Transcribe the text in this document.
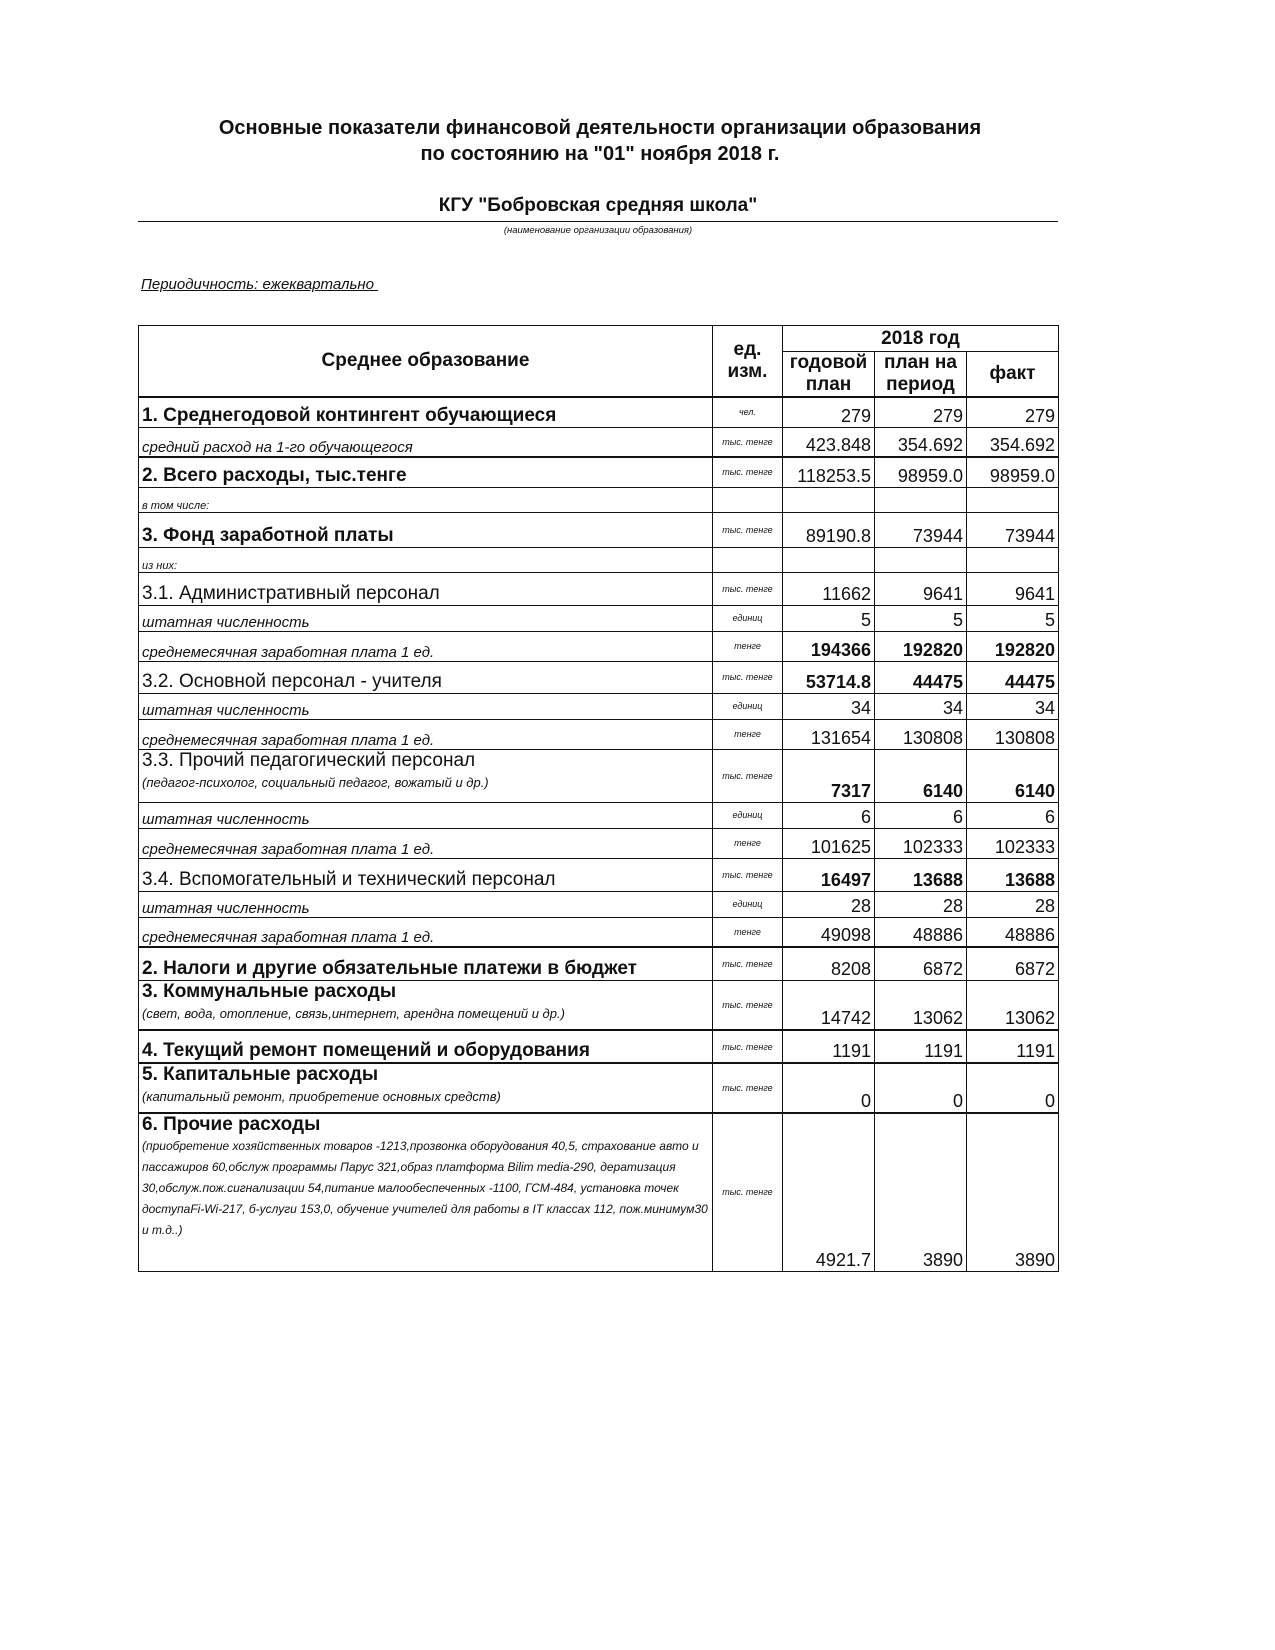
Основные показатели финансовой деятельности организации образования
по состоянию на "01" ноября 2018 г.
КГУ "Бобровская средняя школа"
(наименование организации образования)
Периодичность: ежеквартально
Среднее образование	ед. изм.	2018 год		
		годовой план	план на период	факт

1. Среднегодовой контингент обучающиеся	чел.	279	279	279

средний расход на 1-го обучающегося	тыс. тенге	423.848	354.692	354.692

2. Всего расходы, тыс.тенге	тыс. тенге	118253.5	98959.0	98959.0

в том числе:				

3. Фонд заработной платы	тыс. тенге	89190.8	73944	73944

из них:				

3.1. Административный персонал	тыс. тенге	11662	9641	9641

штатная численность	единиц	5	5	5

среднемесячная заработная плата 1 ед.	тенге	194366	192820	192820

3.2. Основной персонал - учителя	тыс. тенге	53714.8	44475	44475

штатная численность	единиц	34	34	34

среднемесячная заработная плата 1 ед.	тенге	131654	130808	130808

3.3. Прочий педагогический персонал
(педагог-психолог, социальный педагог, вожатый и др.)	тыс. тенге	7317	6140	6140

штатная численность	единиц	6	6	6

среднемесячная заработная плата 1 ед.	тенге	101625	102333	102333

3.4. Вспомогательный и технический персонал	тыс. тенге	16497	13688	13688

штатная численность	единиц	28	28	28

среднемесячная заработная плата 1 ед.	тенге	49098	48886	48886

2. Налоги и другие обязательные платежи в бюджет	тыс. тенге	8208	6872	6872

3. Коммунальные расходы
(свет, вода, отопление, связь,интернет, арендна помещений и др.)	тыс. тенге	14742	13062	13062

4. Текущий ремонт помещений и оборудования	тыс. тенге	1191	1191	1191

5. Капитальные расходы
(капитальный ремонт, приобретение основных средств)	тыс. тенге	0	0	0

6. Прочие расходы
(приобретение хозяйственных товаров -1213,прозвонка оборудования 40,5, страхование авто и пассажиров 60,обслуж программы Парус 321,образ платформа Bilim media-290, дератизация 30,обслуж.пож.сигнализации 54,питание малообеспеченных -1100, ГСМ-484, установка точек доступаFi-Wi-217, б-услуги 153,0, обучение учителей для работы в IT классах 112, пож.минимум30 и т.д..)	тыс. тенге	4921.7	3890	3890
